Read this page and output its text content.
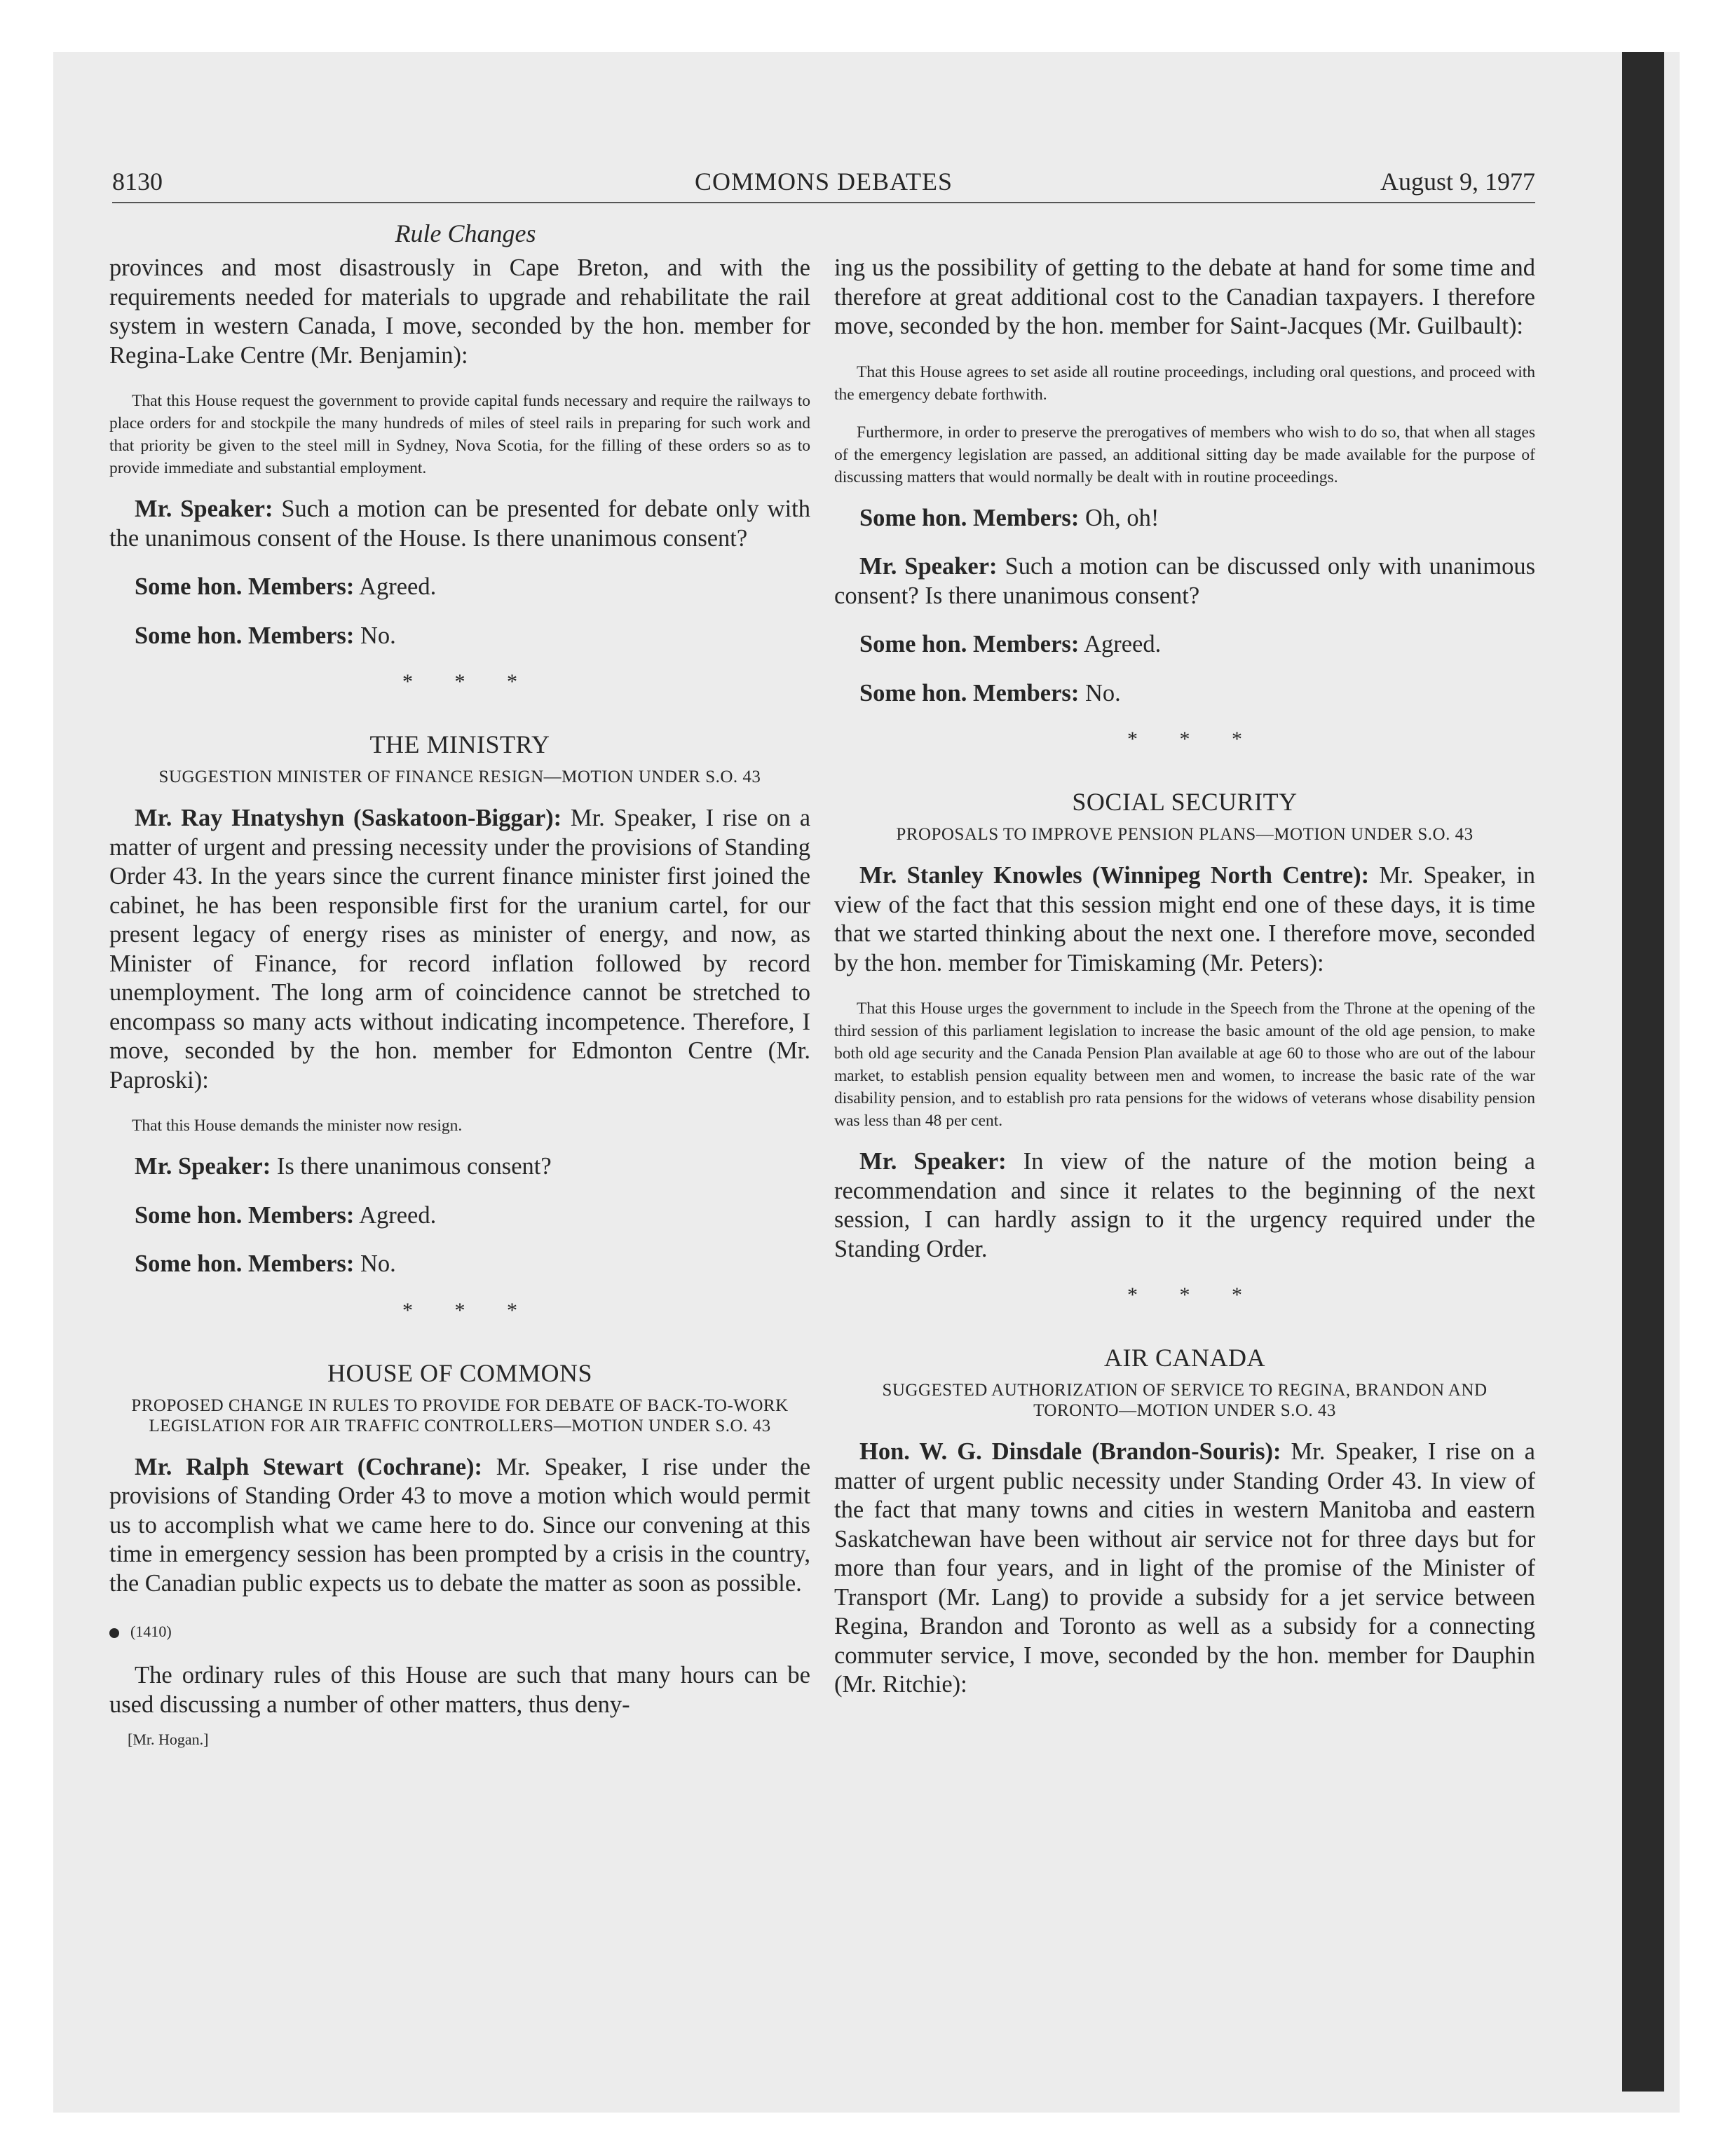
8130	COMMONS DEBATES	August 9, 1977
Rule Changes

provinces and most disastrously in Cape Breton, and with the requirements needed for materials to upgrade and rehabilitate the rail system in western Canada, I move, seconded by the hon. member for Regina-Lake Centre (Mr. Benjamin):

That this House request the government to provide capital funds necessary and require the railways to place orders for and stockpile the many hundreds of miles of steel rails in preparing for such work and that priority be given to the steel mill in Sydney, Nova Scotia, for the filling of these orders so as to provide immediate and substantial employment.

Mr. Speaker: Such a motion can be presented for debate only with the unanimous consent of the House. Is there unanimous consent?

Some hon. Members: Agreed.

Some hon. Members: No.

* * *
THE MINISTRY
SUGGESTION MINISTER OF FINANCE RESIGN—MOTION UNDER S.O. 43

Mr. Ray Hnatyshyn (Saskatoon-Biggar): Mr. Speaker, I rise on a matter of urgent and pressing necessity under the provisions of Standing Order 43. In the years since the current finance minister first joined the cabinet, he has been responsible first for the uranium cartel, for our present legacy of energy rises as minister of energy, and now, as Minister of Finance, for record inflation followed by record unemployment. The long arm of coincidence cannot be stretched to encompass so many acts without indicating incompetence. Therefore, I move, seconded by the hon. member for Edmonton Centre (Mr. Paproski):

That this House demands the minister now resign.

Mr. Speaker: Is there unanimous consent?

Some hon. Members: Agreed.

Some hon. Members: No.

* * *
HOUSE OF COMMONS
PROPOSED CHANGE IN RULES TO PROVIDE FOR DEBATE OF BACK-TO-WORK LEGISLATION FOR AIR TRAFFIC CONTROLLERS—MOTION UNDER S.O. 43

Mr. Ralph Stewart (Cochrane): Mr. Speaker, I rise under the provisions of Standing Order 43 to move a motion which would permit us to accomplish what we came here to do. Since our convening at this time in emergency session has been prompted by a crisis in the country, the Canadian public expects us to debate the matter as soon as possible.

(1410)

The ordinary rules of this House are such that many hours can be used discussing a number of other matters, thus deny-

[Mr. Hogan.]

ing us the possibility of getting to the debate at hand for some time and therefore at great additional cost to the Canadian taxpayers. I therefore move, seconded by the hon. member for Saint-Jacques (Mr. Guilbault):

That this House agrees to set aside all routine proceedings, including oral questions, and proceed with the emergency debate forthwith.

Furthermore, in order to preserve the prerogatives of members who wish to do so, that when all stages of the emergency legislation are passed, an additional sitting day be made available for the purpose of discussing matters that would normally be dealt with in routine proceedings.

Some hon. Members: Oh, oh!

Mr. Speaker: Such a motion can be discussed only with unanimous consent? Is there unanimous consent?

Some hon. Members: Agreed.

Some hon. Members: No.

* * *
SOCIAL SECURITY
PROPOSALS TO IMPROVE PENSION PLANS—MOTION UNDER S.O. 43

Mr. Stanley Knowles (Winnipeg North Centre): Mr. Speaker, in view of the fact that this session might end one of these days, it is time that we started thinking about the next one. I therefore move, seconded by the hon. member for Timiskaming (Mr. Peters):

That this House urges the government to include in the Speech from the Throne at the opening of the third session of this parliament legislation to increase the basic amount of the old age pension, to make both old age security and the Canada Pension Plan available at age 60 to those who are out of the labour market, to establish pension equality between men and women, to increase the basic rate of the war disability pension, and to establish pro rata pensions for the widows of veterans whose disability pension was less than 48 per cent.

Mr. Speaker: In view of the nature of the motion being a recommendation and since it relates to the beginning of the next session, I can hardly assign to it the urgency required under the Standing Order.

* * *
AIR CANADA
SUGGESTED AUTHORIZATION OF SERVICE TO REGINA, BRANDON AND TORONTO—MOTION UNDER S.O. 43

Hon. W. G. Dinsdale (Brandon-Souris): Mr. Speaker, I rise on a matter of urgent public necessity under Standing Order 43. In view of the fact that many towns and cities in western Manitoba and eastern Saskatchewan have been without air service not for three days but for more than four years, and in light of the promise of the Minister of Transport (Mr. Lang) to provide a subsidy for a jet service between Regina, Brandon and Toronto as well as a subsidy for a connecting commuter service, I move, seconded by the hon. member for Dauphin (Mr. Ritchie):
